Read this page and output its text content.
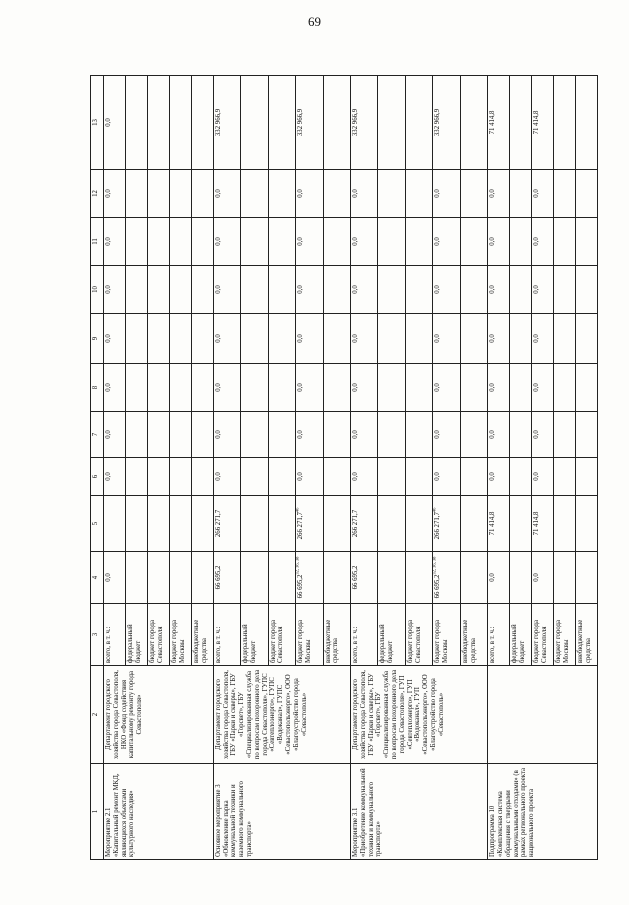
69
1	2	3	4	5	6	7	8	9	10	11	12	13
Мероприятие 2.1 «Капитальный ремонт МКД, являющихся объектами культурного наследия»	Департамент городского хозяйства города Севастополя, НКО «Фонд содействия капитальному ремонту города Севастополя»	всего, в т. ч.:	0,0		0,0	0,0	0,0	0,0	0,0	0,0	0,0	0,0
		федеральный бюджет										
		бюджет города Севастополя										
		бюджет города Москвы										
		внебюджетные средства										
Основное мероприятие 3 «Обновление парка коммунальной техники и наземного коммунального транспорта»	Департамент городского хозяйства города Севастополя, ГБУ «Парки и скверы», ГБУ «Горсвет», ГБУ «Специализированная служба по вопросам похоронного дела города Севастополя», ГУПС «Севтеплоэнерго», ГУПС «Водоканал», ГУПС «Севастопольэнерго», ООО «Благоустройство города «Севастополь»	всего, в т. ч.:	66 695,2	266 271,7	0,0	0,0	0,0	0,0	0,0	0,0	0,0	332 966,9
		федеральный бюджет										
		бюджет города Севастополя										
		бюджет города Москвы	66 695,2$^{32, 36, 38}$	266 271,7$^{46}$	0,0	0,0	0,0	0,0	0,0	0,0	0,0	332 966,9
		внебюджетные средства										
Мероприятие 3.1 «Приобретение коммунальной техники и коммунального транспорта»	Департамент городского хозяйства города Севастополя, ГБУ «Парки и скверы», ГБУ «Горсвет», ГБУ «Специализированная служба по вопросам похоронного дела города Севастополя», ГУП «Севтеплоэнерго», ГУП «Водоканал», ГУП «Севастопольэнерго», ООО «Благоустройство города «Севастополь»	всего, в т. ч.:	66 695,2	266 271,7	0,0	0,0	0,0	0,0	0,0	0,0	0,0	332 966,9
		федеральный бюджет										
		бюджет города Севастополя										
		бюджет города Москвы	66 695,2$^{32, 36, 38}$	266 271,7$^{46}$	0,0	0,0	0,0	0,0	0,0	0,0	0,0	332 966,9
		внебюджетные средства										
Подпрограмма 10 «Комплексная система обращения с твердыми коммунальными отходами» (в рамках регионального проекта национального проекта		всего, в т. ч.:	0,0	71 414,8	0,0	0,0	0,0	0,0	0,0	0,0	0,0	71 414,8
		федеральный бюджет										
		бюджет города Севастополя	0,0	71 414,8	0,0	0,0	0,0	0,0	0,0	0,0	0,0	71 414,8
		бюджет города Москвы										
		внебюджетные средства										
